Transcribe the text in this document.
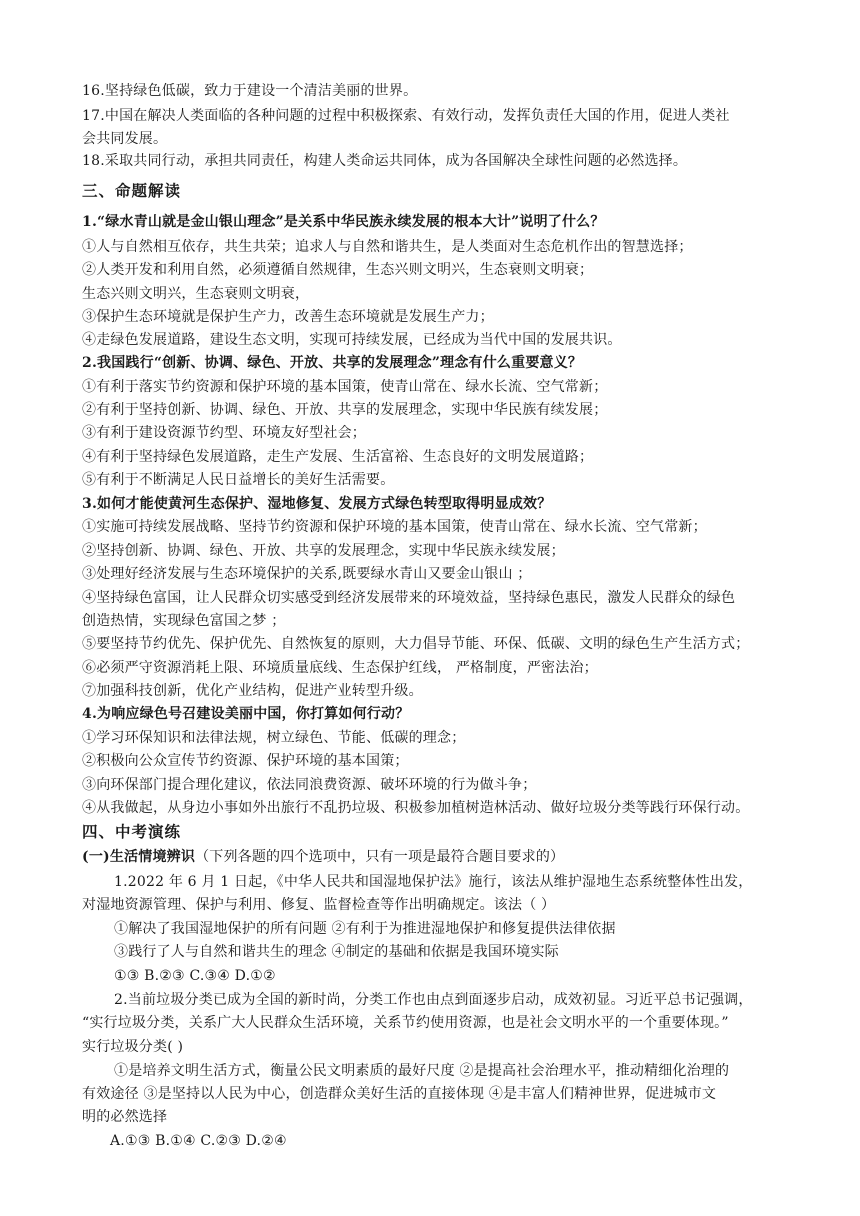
16.坚持绿色低碳，致力于建设一个清洁美丽的世界。
17.中国在解决人类面临的各种问题的过程中积极探索、有效行动，发挥负责任大国的作用，促进人类社
会共同发展。
18.采取共同行动，承担共同责任，构建人类命运共同体，成为各国解决全球性问题的必然选择。
三、命题解读
1.“绿水青山就是金山银山理念”是关系中华民族永续发展的根本大计”说明了什么？
①人与自然相互依存，共生共荣；追求人与自然和谐共生，是人类面对生态危机作出的智慧选择；
②人类开发和利用自然，必须遵循自然规律，生态兴则文明兴，生态衰则文明衰；
生态兴则文明兴，生态衰则文明衰，
③保护生态环境就是保护生产力，改善生态环境就是发展生产力；
④走绿色发展道路，建设生态文明，实现可持续发展，已经成为当代中国的发展共识。
2.我国践行“创新、协调、绿色、开放、共享的发展理念”理念有什么重要意义？
①有利于落实节约资源和保护环境的基本国策，使青山常在、绿水长流、空气常新；
②有利于坚持创新、协调、绿色、开放、共享的发展理念，实现中华民族有续发展；
③有利于建设资源节约型、环境友好型社会；
④有利于坚持绿色发展道路，走生产发展、生活富裕、生态良好的文明发展道路；
⑤有利于不断满足人民日益增长的美好生活需要。
3.如何才能使黄河生态保护、湿地修复、发展方式绿色转型取得明显成效？
①实施可持续发展战略、坚持节约资源和保护环境的基本国策，使青山常在、绿水长流、空气常新；
②坚持创新、协调、绿色、开放、共享的发展理念，实现中华民族永续发展；
③处理好经济发展与生态环境保护的关系,既要绿水青山又要金山银山 ；
④坚持绿色富国，让人民群众切实感受到经济发展带来的环境效益，坚持绿色惠民，激发人民群众的绿色
创造热情，实现绿色富国之梦 ；
⑤要坚持节约优先、保护优先、自然恢复的原则，大力倡导节能、环保、低碳、文明的绿色生产生活方式；
⑥必须严守资源消耗上限、环境质量底线、生态保护红线， 严格制度，严密法治；
⑦加强科技创新，优化产业结构，促进产业转型升级。
4.为响应绿色号召建设美丽中国，你打算如何行动？
①学习环保知识和法律法规，树立绿色、节能、低碳的理念；
②积极向公众宣传节约资源、保护环境的基本国策；
③向环保部门提合理化建议，依法同浪费资源、破坏环境的行为做斗争；
④从我做起，从身边小事如外出旅行不乱扔垃圾、积极参加植树造林活动、做好垃圾分类等践行环保行动。
四、中考演练
(一)生活情境辨识（下列各题的四个选项中，只有一项是最符合题目要求的）
1.2022 年 6 月 1 日起，《中华人民共和国湿地保护法》施行，该法从维护湿地生态系统整体性出发，
对湿地资源管理、保护与利用、修复、监督检查等作出明确规定。该法（ ）
①解决了我国湿地保护的所有问题 ②有利于为推进湿地保护和修复提供法律依据
③践行了人与自然和谐共生的理念 ④制定的基础和依据是我国环境实际
①③ B.②③ C.③④ D.①②
2.当前垃圾分类已成为全国的新时尚，分类工作也由点到面逐步启动，成效初显。习近平总书记强调，
“实行垃圾分类，关系广大人民群众生活环境，关系节约使用资源，也是社会文明水平的一个重要体现。”
实行垃圾分类( )
①是培养文明生活方式，衡量公民文明素质的最好尺度 ②是提高社会治理水平，推动精细化治理的
有效途径 ③是坚持以人民为中心，创造群众美好生活的直接体现 ④是丰富人们精神世界，促进城市文
明的必然选择
A.①③ B.①④ C.②③ D.②④
